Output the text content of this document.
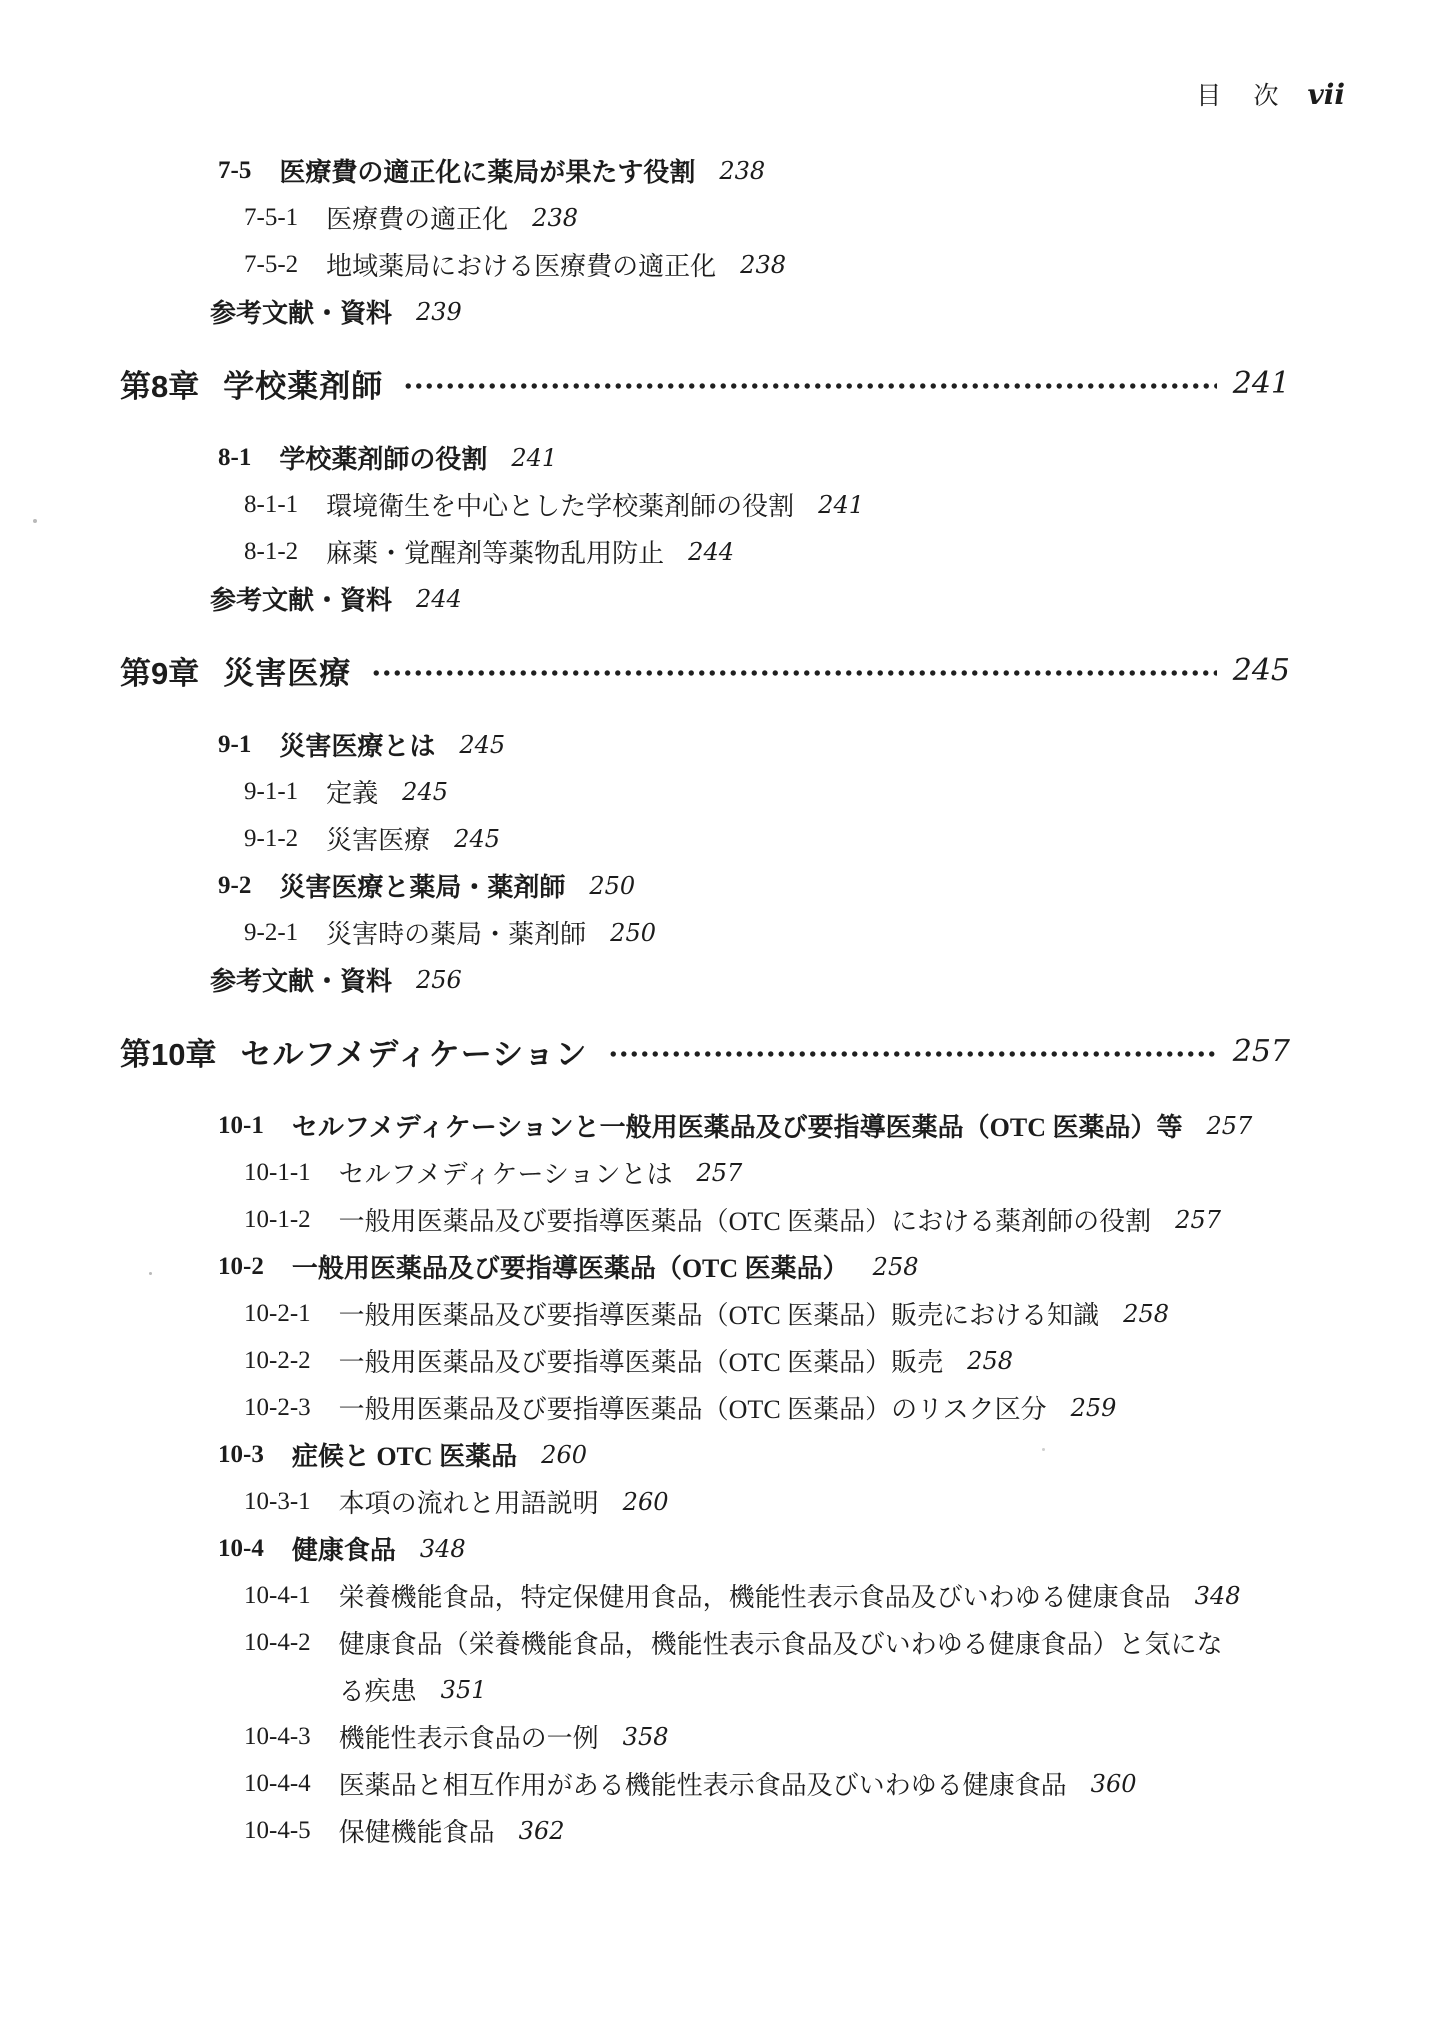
目 次 vii
7-5 医療費の適正化に薬局が果たす役割 238
7-5-1 医療費の適正化 238
7-5-2 地域薬局における医療費の適正化 238
参考文献・資料 239
第8章 学校薬剤師	241
8-1 学校薬剤師の役割 241
8-1-1 環境衛生を中心とした学校薬剤師の役割 241
8-1-2 麻薬・覚醒剤等薬物乱用防止 244
参考文献・資料 244
第9章 災害医療	245
9-1 災害医療とは 245
9-1-1 定義 245
9-1-2 災害医療 245
9-2 災害医療と薬局・薬剤師 250
9-2-1 災害時の薬局・薬剤師 250
参考文献・資料 256
第10章 セルフメディケーション	257
10-1 セルフメディケーションと一般用医薬品及び要指導医薬品（OTC 医薬品）等 257
10-1-1 セルフメディケーションとは 257
10-1-2 一般用医薬品及び要指導医薬品（OTC 医薬品）における薬剤師の役割 257
10-2 一般用医薬品及び要指導医薬品（OTC 医薬品） 258
10-2-1 一般用医薬品及び要指導医薬品（OTC 医薬品）販売における知識 258
10-2-2 一般用医薬品及び要指導医薬品（OTC 医薬品）販売 258
10-2-3 一般用医薬品及び要指導医薬品（OTC 医薬品）のリスク区分 259
10-3 症候と OTC 医薬品 260
10-3-1 本項の流れと用語説明 260
10-4 健康食品 348
10-4-1 栄養機能食品，特定保健用食品，機能性表示食品及びいわゆる健康食品 348
10-4-2 健康食品（栄養機能食品，機能性表示食品及びいわゆる健康食品）と気にな
る疾患 351
10-4-3 機能性表示食品の一例 358
10-4-4 医薬品と相互作用がある機能性表示食品及びいわゆる健康食品 360
10-4-5 保健機能食品 362
